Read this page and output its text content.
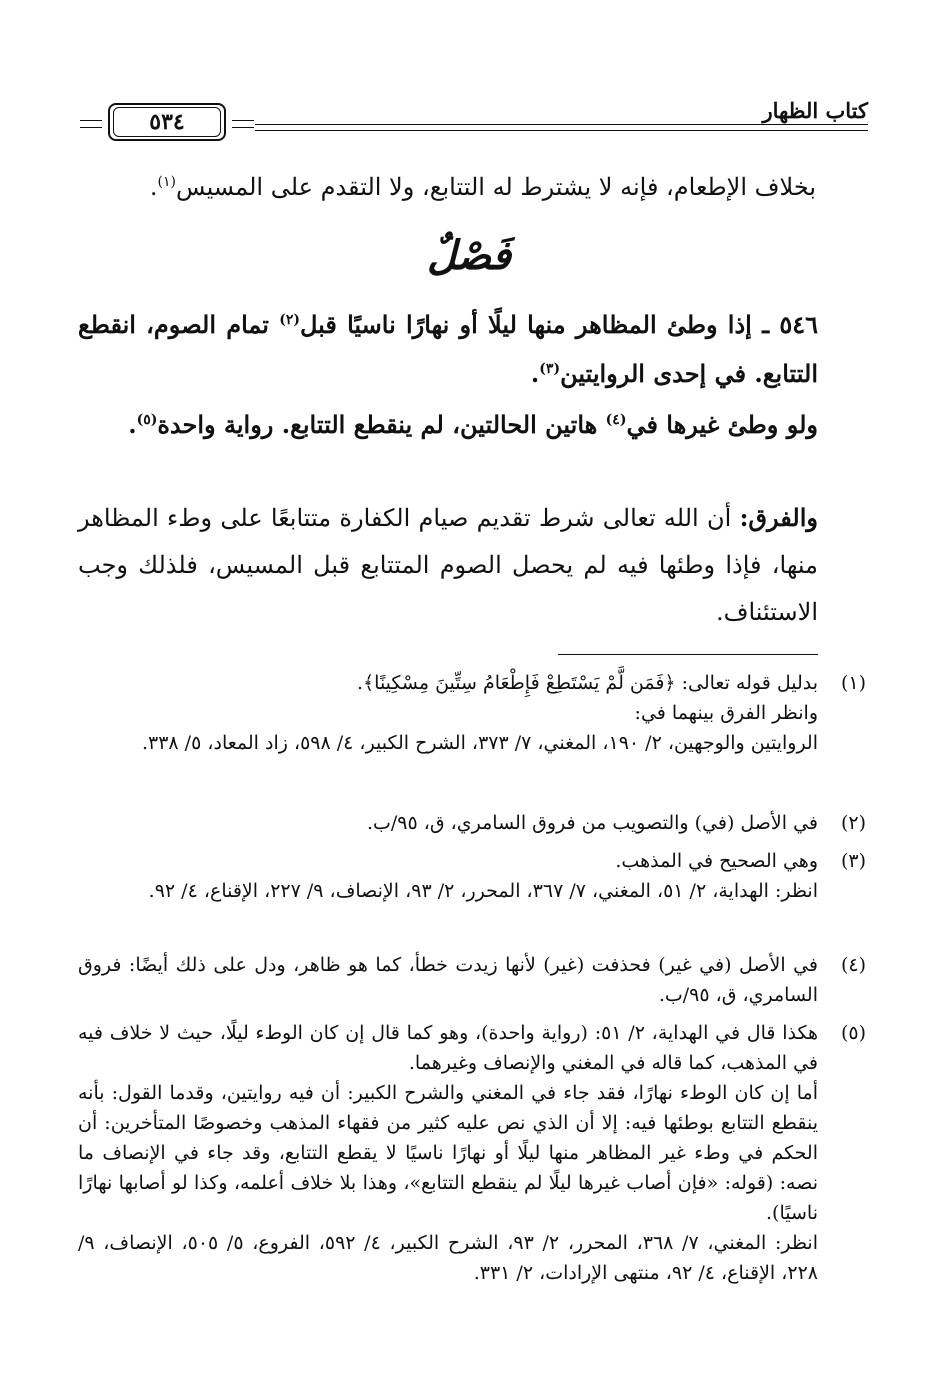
كتاب الظهار
٥٣٤
بخلاف الإطعام، فإنه لا يشترط له التتابع، ولا التقدم على المسيس$^{(١)}$.
فَصْلٌ
٥٤٦ ـ إذا وطئ المظاهر منها ليلًا أو نهارًا ناسيًا قبل$^{(٢)}$ تمام الصوم، انقطع التتابع. في إحدى الروايتين$^{(٣)}$.
ولو وطئ غيرها في$^{(٤)}$ هاتين الحالتين، لم ينقطع التتابع. رواية واحدة$^{(٥)}$.
والفرق: أن الله تعالى شرط تقديم صيام الكفارة متتابعًا على وطء المظاهر منها، فإذا وطئها فيه لم يحصل الصوم المتتابع قبل المسيس، فلذلك وجب الاستئناف.
(١)
بدليل قوله تعالى: ﴿فَمَن لَّمْ يَسْتَطِعْ فَإِطْعَامُ سِتِّينَ مِسْكِينًا﴾.
وانظر الفرق بينهما في:
الروايتين والوجهين، ٢/ ١٩٠، المغني، ٧/ ٣٧٣، الشرح الكبير، ٤/ ٥٩٨، زاد المعاد، ٥/ ٣٣٨.
(٢)
في الأصل (في) والتصويب من فروق السامري، ق، ٩٥/ب.
(٣)
وهي الصحيح في المذهب.
انظر: الهداية، ٢/ ٥١، المغني، ٧/ ٣٦٧، المحرر، ٢/ ٩٣، الإنصاف، ٩/ ٢٢٧، الإقناع، ٤/ ٩٢.
(٤)
في الأصل (في غير) فحذفت (غير) لأنها زيدت خطأ، كما هو ظاهر، ودل على ذلك أيضًا: فروق السامري، ق، ٩٥/ب.
(٥)
هكذا قال في الهداية، ٢/ ٥١: (رواية واحدة)، وهو كما قال إن كان الوطء ليلًا، حيث لا خلاف فيه في المذهب، كما قاله في المغني والإنصاف وغيرهما.
أما إن كان الوطء نهارًا، فقد جاء في المغني والشرح الكبير: أن فيه روايتين، وقدما القول: بأنه ينقطع التتابع بوطئها فيه: إلا أن الذي نص عليه كثير من فقهاء المذهب وخصوصًا المتأخرين: أن الحكم في وطء غير المظاهر منها ليلًا أو نهارًا ناسيًا لا يقطع التتابع، وقد جاء في الإنصاف ما نصه: (قوله: «فإن أصاب غيرها ليلًا لم ينقطع التتابع»، وهذا بلا خلاف أعلمه، وكذا لو أصابها نهارًا ناسيًا).
انظر: المغني، ٧/ ٣٦٨، المحرر، ٢/ ٩٣، الشرح الكبير، ٤/ ٥٩٢، الفروع، ٥/ ٥٠٥، الإنصاف، ٩/ ٢٢٨، الإقناع، ٤/ ٩٢، منتهى الإرادات، ٢/ ٣٣١.
